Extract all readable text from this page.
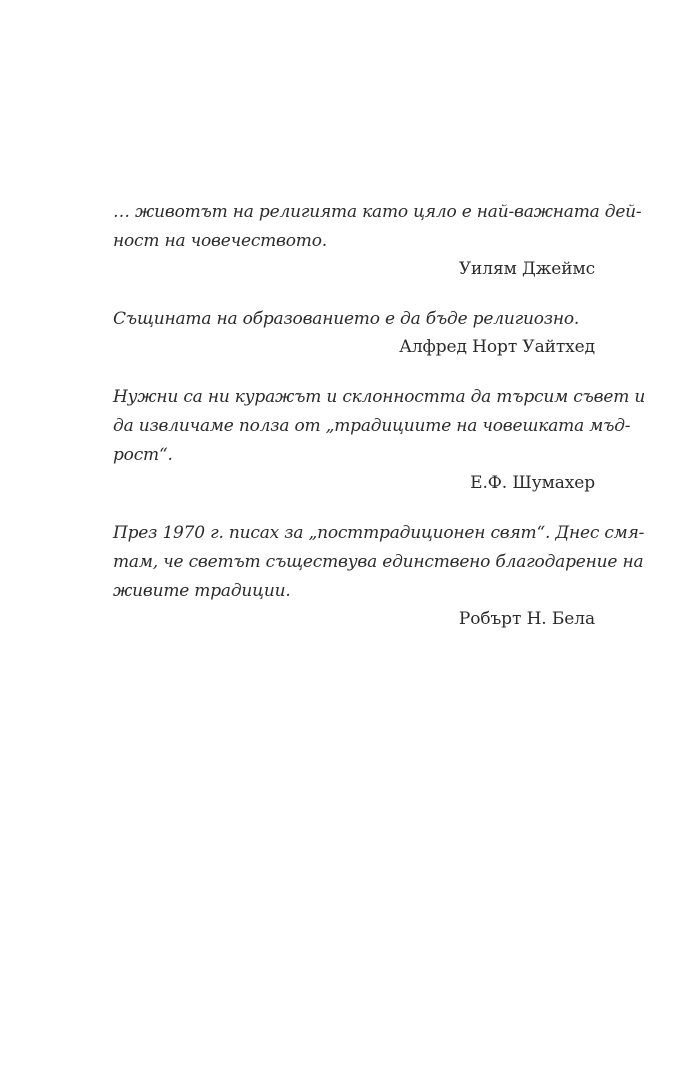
… животът на религията като цяло е най-важната дей-
ност на човечеството.
Уилям Джеймс
Същината на образованието е да бъде религиозно.
Алфред Норт Уайтхед
Нужни са ни куражът и склонността да търсим съвет и
да извличаме полза от „традициите на човешката мъд-
рост“.
Е.Ф. Шумахер
През 1970 г. писах за „посттрадиционен свят“. Днес смя-
там, че светът съществува единствено благодарение на
живите традиции.
Робърт Н. Бела
